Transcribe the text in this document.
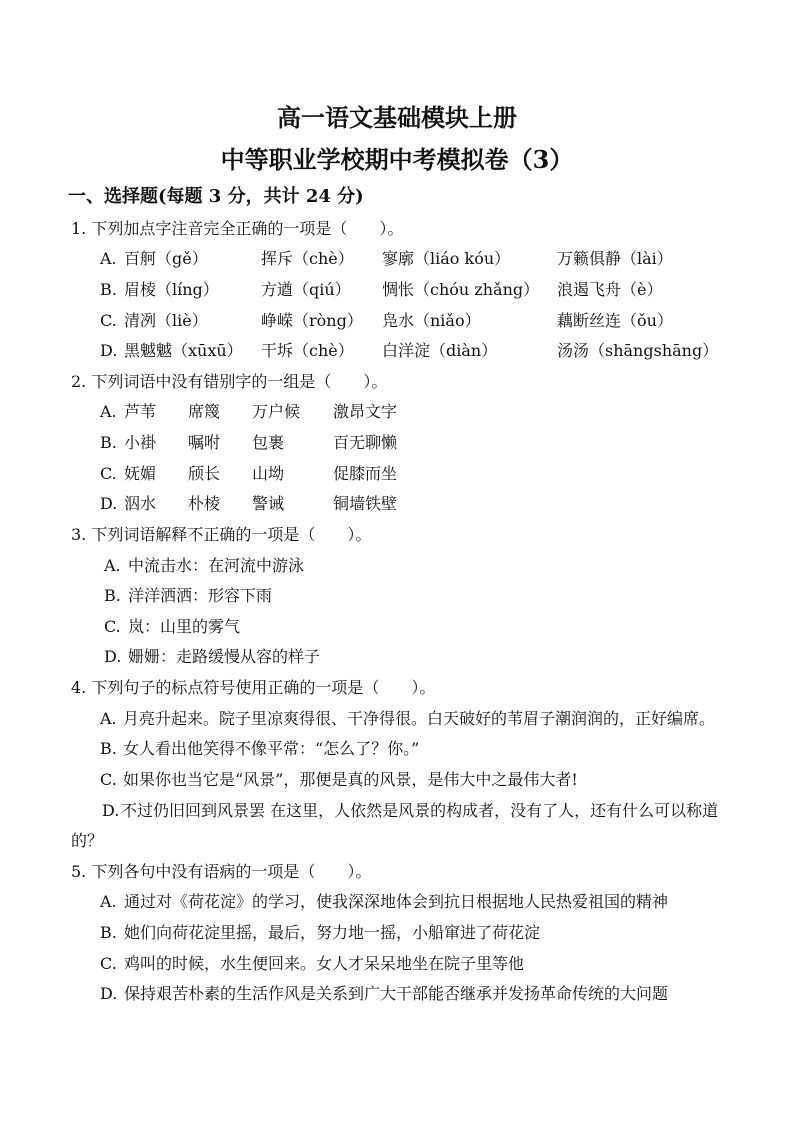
高一语文基础模块上册
中等职业学校期中考模拟卷（3）
一、选择题(每题 3 分，共计 24 分)
1. 下列加点字注音完全正确的一项是（　　）。
A. 百舸（gě）	挥斥（chè）	寥廓（liáo kóu）	万籁俱静（lài）
B. 眉棱（líng）	方遒（qiú）	惆怅（chóu zhǎng）	浪遏飞舟（è）
C. 清冽（liè）	峥嵘（ròng）	凫水（niǎo）	藕断丝连（ǒu）
D. 黑魆魆（xūxū）	干坼（chè）	白洋淀（diàn）	汤汤（shāngshāng）
2. 下列词语中没有错别字的一组是（　　）。
A. 芦苇	席篾	万户候	激昂文字
B. 小褂	嘱咐	包裹	百无聊懒
C. 妩媚	颀长	山坳	促膝而坐
D. 泅水	朴棱	警诫	铜墙铁壁
3. 下列词语解释不正确的一项是（　　）。
A. 中流击水：在河流中游泳
B. 洋洋洒洒：形容下雨
C. 岚：山里的雾气
D. 姗姗：走路缓慢从容的样子
4. 下列句子的标点符号使用正确的一项是（　　）。
A. 月亮升起来。院子里凉爽得很、干净得很。白天破好的苇眉子潮润润的，正好编席。
B. 女人看出他笑得不像平常：“怎么了？你。”
C. 如果你也当它是“风景”，那便是真的风景，是伟大中之最伟大者!
D. 不过仍旧回到风景罢 在这里，人依然是风景的构成者，没有了人，还有什么可以称道
的？
5. 下列各句中没有语病的一项是（　　）。
A. 通过对《荷花淀》的学习，使我深深地体会到抗日根据地人民热爱祖国的精神
B. 她们向荷花淀里摇，最后，努力地一摇，小船窜进了荷花淀
C. 鸡叫的时候，水生便回来。女人才呆呆地坐在院子里等他
D. 保持艰苦朴素的生活作风是关系到广大干部能否继承并发扬革命传统的大问题
